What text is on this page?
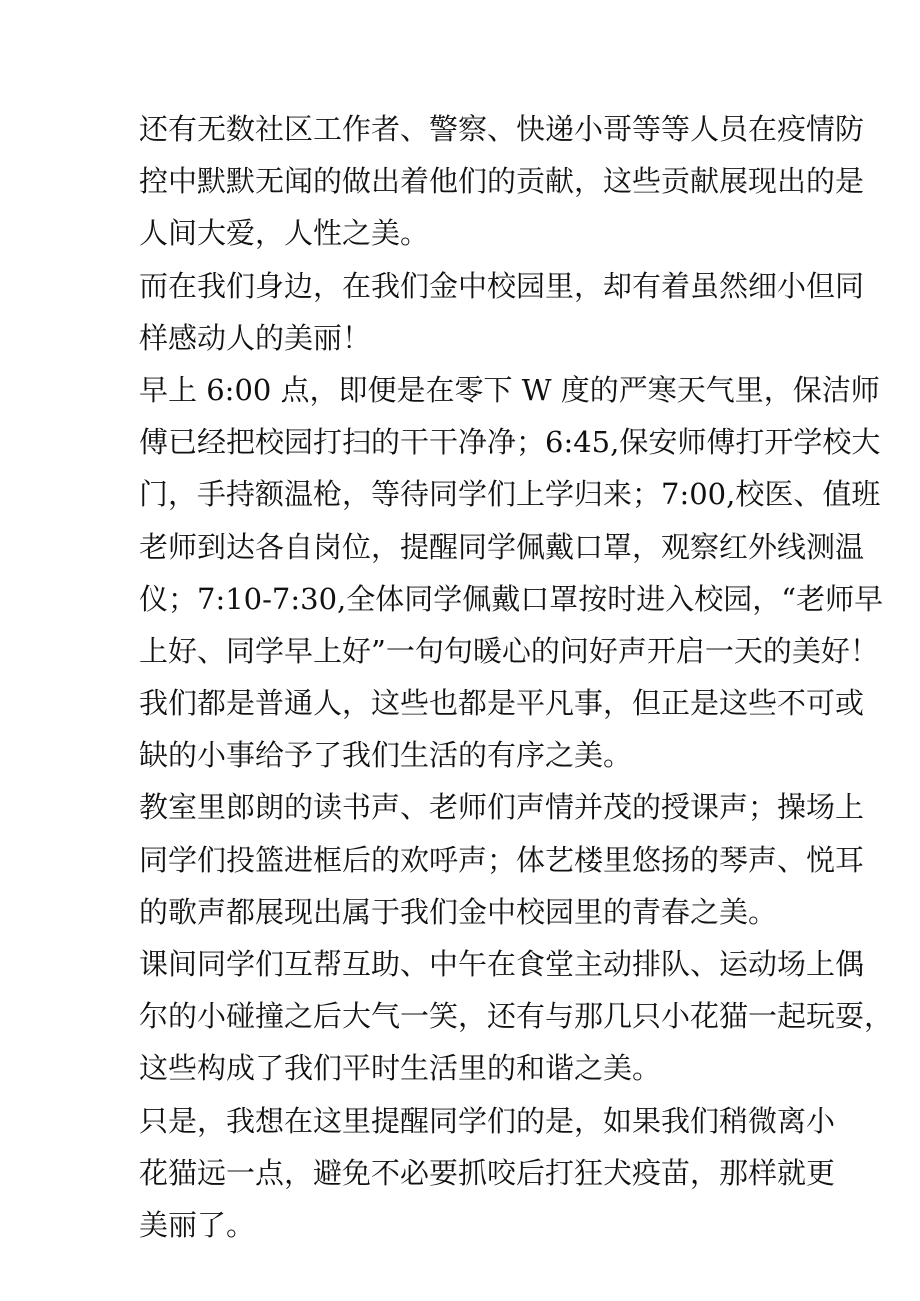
还有无数社区工作者、警察、快递小哥等等人员在疫情防
控中默默无闻的做出着他们的贡献，这些贡献展现出的是
人间大爱，人性之美。
而在我们身边，在我们金中校园里，却有着虽然细小但同
样感动人的美丽！
早上 6:00 点，即便是在零下 W 度的严寒天气里，保洁师
傅已经把校园打扫的干干净净；6:45,保安师傅打开学校大
门，手持额温枪，等待同学们上学归来；7:00,校医、值班
老师到达各自岗位，提醒同学佩戴口罩，观察红外线测温
仪；7:10-7:30,全体同学佩戴口罩按时进入校园，“老师早
上好、同学早上好”一句句暖心的问好声开启一天的美好！
我们都是普通人，这些也都是平凡事，但正是这些不可或
缺的小事给予了我们生活的有序之美。
教室里郎朗的读书声、老师们声情并茂的授课声；操场上
同学们投篮进框后的欢呼声；体艺楼里悠扬的琴声、悦耳
的歌声都展现出属于我们金中校园里的青春之美。
课间同学们互帮互助、中午在食堂主动排队、运动场上偶
尔的小碰撞之后大气一笑，还有与那几只小花猫一起玩耍，
这些构成了我们平时生活里的和谐之美。
只是，我想在这里提醒同学们的是，如果我们稍微离小
花猫远一点，避免不必要抓咬后打狂犬疫苗，那样就更
美丽了。
